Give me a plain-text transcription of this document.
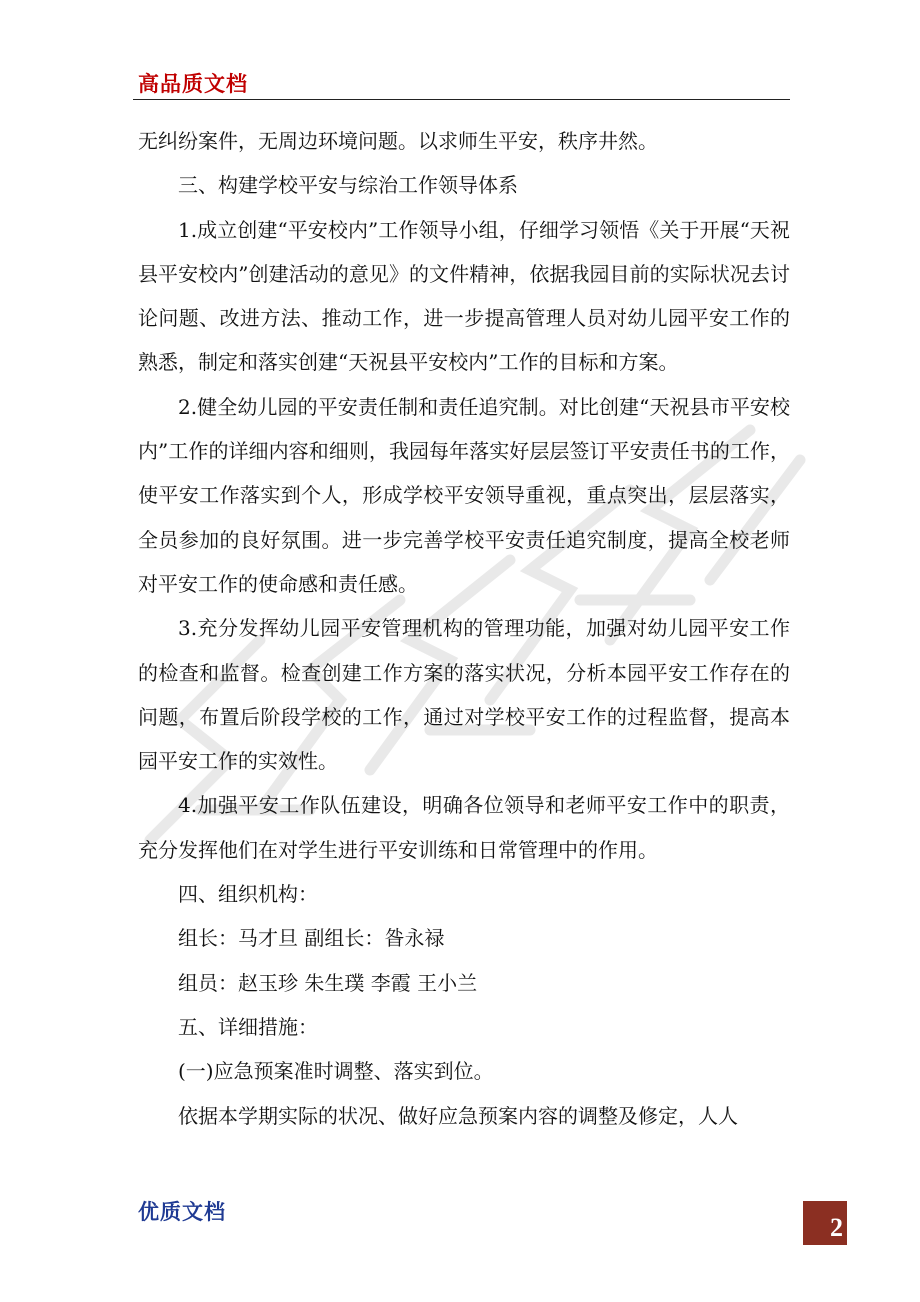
高品质文档

无纠纷案件，无周边环境问题。以求师生平安，秩序井然。

三、构建学校平安与综治工作领导体系

1.成立创建“平安校内”工作领导小组，仔细学习领悟《关于开展“天祝县平安校内”创建活动的意见》的文件精神，依据我园目前的实际状况去讨论问题、改进方法、推动工作，进一步提高管理人员对幼儿园平安工作的熟悉，制定和落实创建“天祝县平安校内”工作的目标和方案。

2.健全幼儿园的平安责任制和责任追究制。对比创建“天祝县市平安校内”工作的详细内容和细则，我园每年落实好层层签订平安责任书的工作，使平安工作落实到个人，形成学校平安领导重视，重点突出，层层落实，全员参加的良好氛围。进一步完善学校平安责任追究制度，提高全校老师对平安工作的使命感和责任感。

3.充分发挥幼儿园平安管理机构的管理功能，加强对幼儿园平安工作的检查和监督。检查创建工作方案的落实状况，分析本园平安工作存在的问题，布置后阶段学校的工作，通过对学校平安工作的过程监督，提高本园平安工作的实效性。

4.加强平安工作队伍建设，明确各位领导和老师平安工作中的职责，充分发挥他们在对学生进行平安训练和日常管理中的作用。

四、组织机构：

组长：马才旦 副组长：昝永禄

组员：赵玉珍 朱生璞 李霞 王小兰

五、详细措施：

(一)应急预案准时调整、落实到位。

依据本学期实际的状况、做好应急预案内容的调整及修定，人人

优质文档
2
